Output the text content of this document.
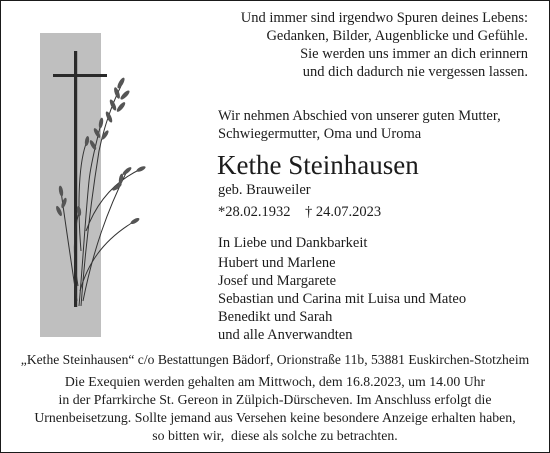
Und immer sind irgendwo Spuren deines Lebens:
Gedanken, Bilder, Augenblicke und Gefühle.
Sie werden uns immer an dich erinnern
und dich dadurch nie vergessen lassen.
Wir nehmen Abschied von unserer guten Mutter,
Schwiegermutter, Oma und Uroma
Kethe Steinhausen
geb. Brauweiler
*28.02.1932 † 24.07.2023
In Liebe und Dankbarkeit
Hubert und Marlene
Josef und Margarete
Sebastian und Carina mit Luisa und Mateo
Benedikt und Sarah
und alle Anverwandten
„Kethe Steinhausen“ c/o Bestattungen Bädorf, Orionstraße 11b, 53881 Euskirchen-Stotzheim
Die Exequien werden gehalten am Mittwoch, dem 16.8.2023, um 14.00 Uhr
in der Pfarrkirche St. Gereon in Zülpich-Dürscheven. Im Anschluss erfolgt die
Urnenbeisetzung. Sollte jemand aus Versehen keine besondere Anzeige erhalten haben,
so bitten wir,  diese als solche zu betrachten.
